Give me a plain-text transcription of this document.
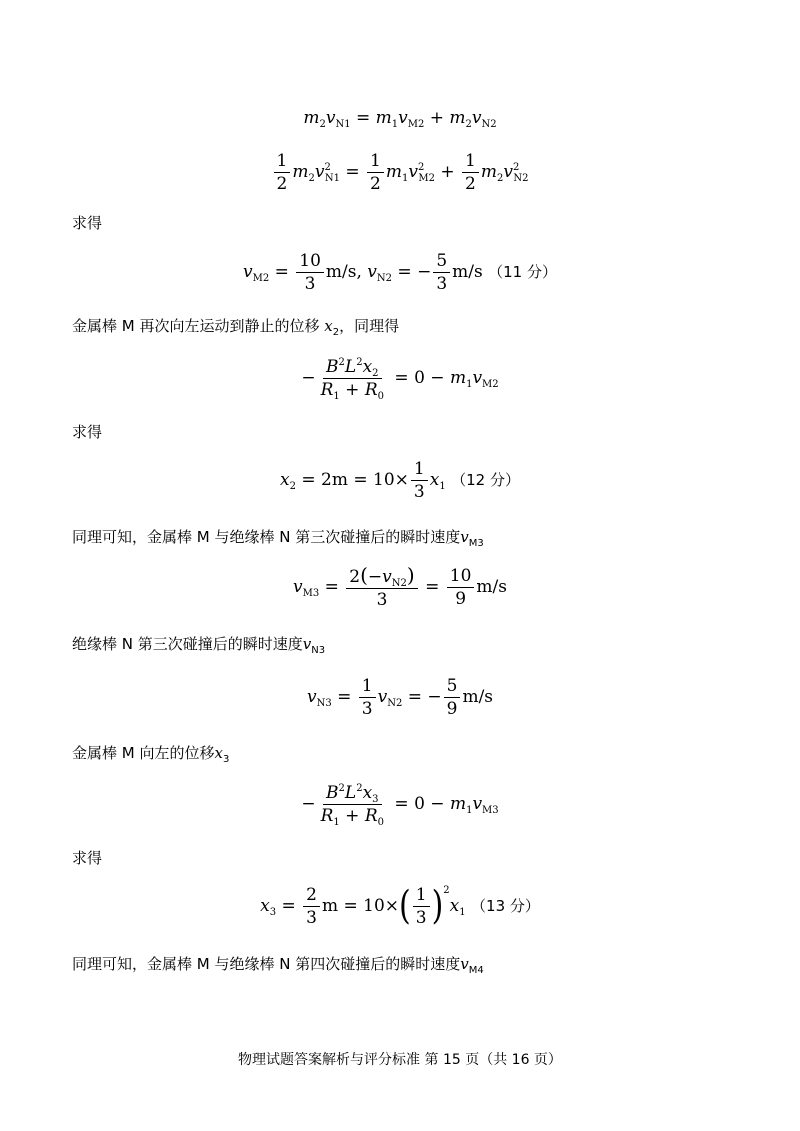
$m_2v_{N1} = m_1v_{M2} + m_2v_{N2}$
$\frac{1}{2} m_2v^2_{N1} = \frac{1}{2} m_1v^2_{M2} + \frac{1}{2} m_2v^2_{N2}$
求得
$v_{M2} = \frac{10}{3} m/s$, $v_{N2}$ = − $\frac{5}{3} m/s$ （11 分）
金属棒 M 再次向左运动到静止的位移 $x_2$，同理得
− $\frac{B^2L^2x_2}{R_1 + R_0} = 0 - m_1v_{M2}$
求得
$x_2 = 2m = 10\times \frac{1}{3} x_1$ （12 分）
同理可知，金属棒 M 与绝缘棒 N 第三次碰撞后的瞬时速度$v_{M3}$
$v_{M3} = \frac{2(-v_{N2})}{3} = \frac{10}{9} m/s$
绝缘棒 N 第三次碰撞后的瞬时速度$v_{N3}$
$v_{N3} = \frac{1}{3} v_{N2}$ = − $\frac{5}{9} m/s$
金属棒 M 向左的位移$x_3$
− $\frac{B^2L^2x_3}{R_1 + R_0} = 0 - m_1v_{M3}$
求得
$x_3 = \frac{2}{3}$ $m = 10\times( \frac{1}{3} )^2x_1$ （13 分）
同理可知，金属棒 M 与绝缘棒 N 第四次碰撞后的瞬时速度$v_{M4}$
物理试题答案解析与评分标准 第 15 页（共 16 页）
